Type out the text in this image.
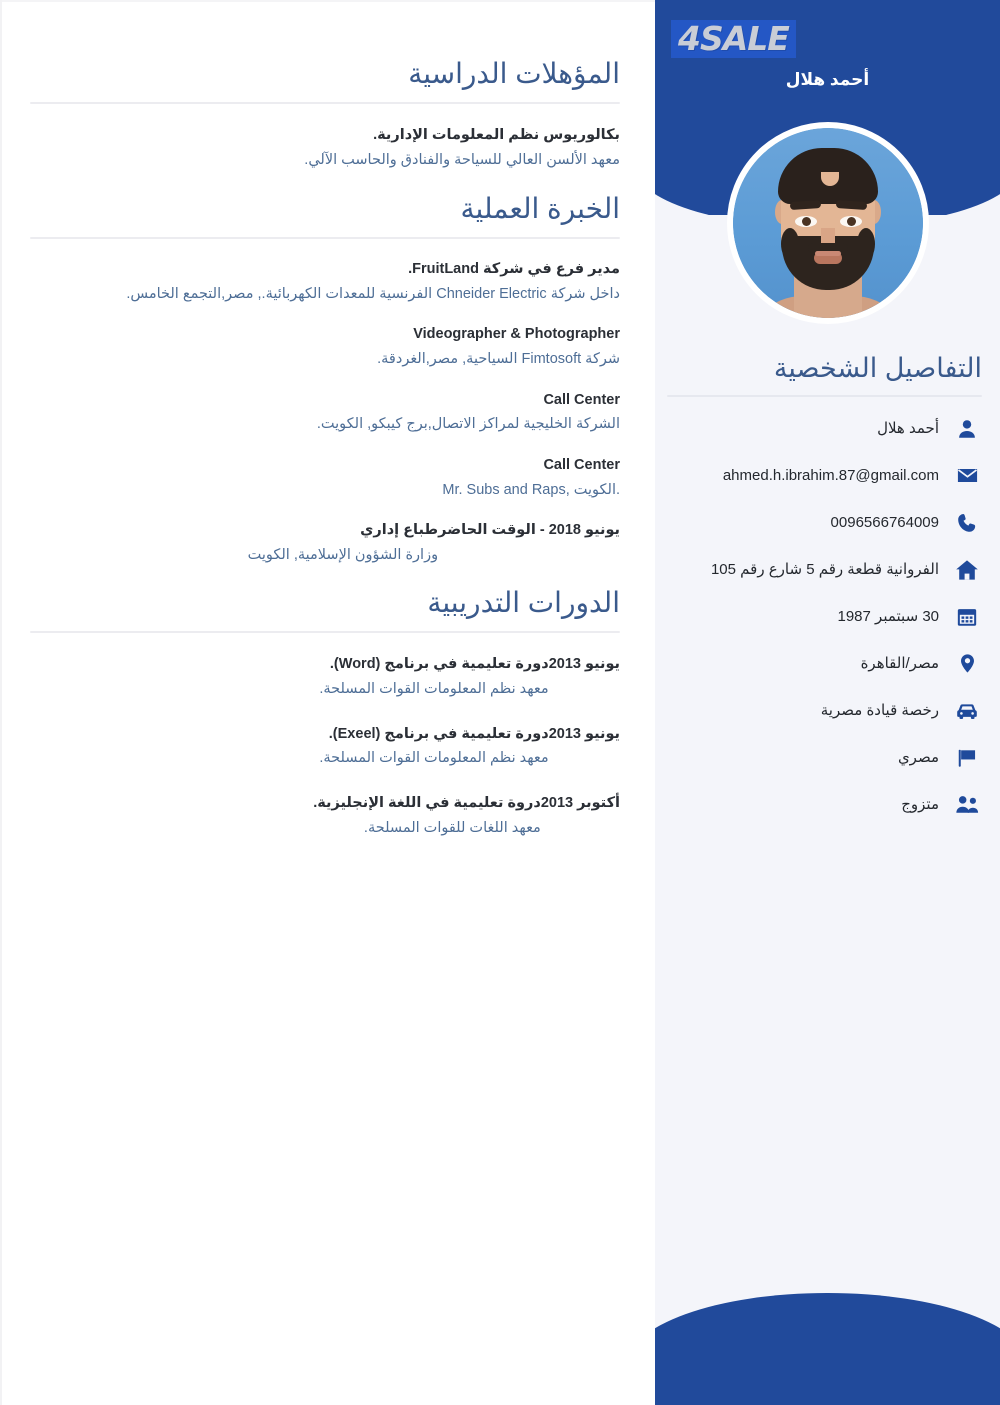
المؤهلات الدراسية
بكالوريوس نظم المعلومات الإدارية.
معهد الألسن العالي للسياحة والفنادق والحاسب الآلي.
الخبرة العملية
مدير فرع في شركة FruitLand.
داخل شركة Chneider Electric الفرنسية للمعدات الكهربائية., مصر,التجمع الخامس.
Videographer & Photographer
شركة Fimtosoft السياحية, مصر,الغردقة.
Call Center
الشركة الخليجية لمراكز الاتصال,برج كيبكو, الكويت.
Call Center
Mr. Subs and Raps, الكويت.
طباع إداري
وزارة الشؤون الإسلامية, الكويت
يونيو 2018 - الوقت الحاضر
الدورات التدريبية
دورة تعليمية في برنامج (Word).
معهد نظم المعلومات القوات المسلحة.
يونيو 2013
دورة تعليمية في برنامج (Exeel).
معهد نظم المعلومات القوات المسلحة.
يونيو 2013
دروة تعليمية في اللغة الإنجليزية.
معهد اللغات للقوات المسلحة.
أكتوبر 2013
4SALE
أحمد هلال
التفاصيل الشخصية
أحمد هلال
ahmed.h.ibrahim.87@gmail.com
0096566764009
الفروانية قطعة رقم 5 شارع رقم 105
30 سبتمبر 1987
مصر/القاهرة
رخصة قيادة مصرية
مصري
متزوج
